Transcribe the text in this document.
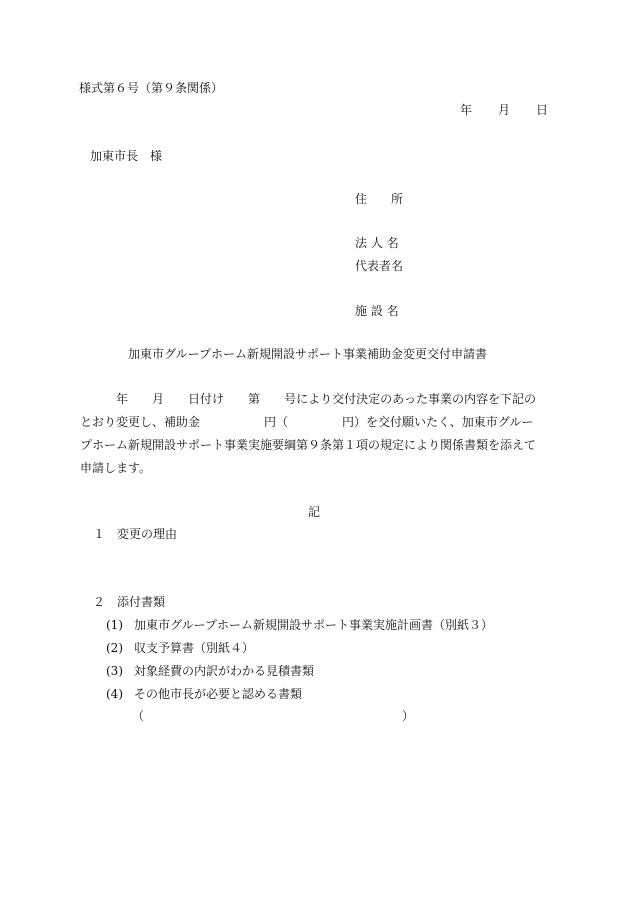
様式第６号（第９条関係）
年 月 日
加東市長　様
住　　所
法 人 名
代表者名
施 設 名
加東市グループホーム新規開設サポート事業補助金変更交付申請書
年 月 日付け 第 号により交付決定のあった事業の内容を下記の
とおり変更し、補助金	円（	円）を交付願いたく、加東市グルー
プホーム新規開設サポート事業実施要綱第９条第１項の規定により関係書類を添えて
申請します。
記
１ 変更の理由
２ 添付書類
(1) 加東市グループホーム新規開設サポート事業実施計画書（別紙３）
(2) 収支予算書（別紙４）
(3) 対象経費の内訳がわかる見積書類
(4) その他市長が必要と認める書類
（	）
